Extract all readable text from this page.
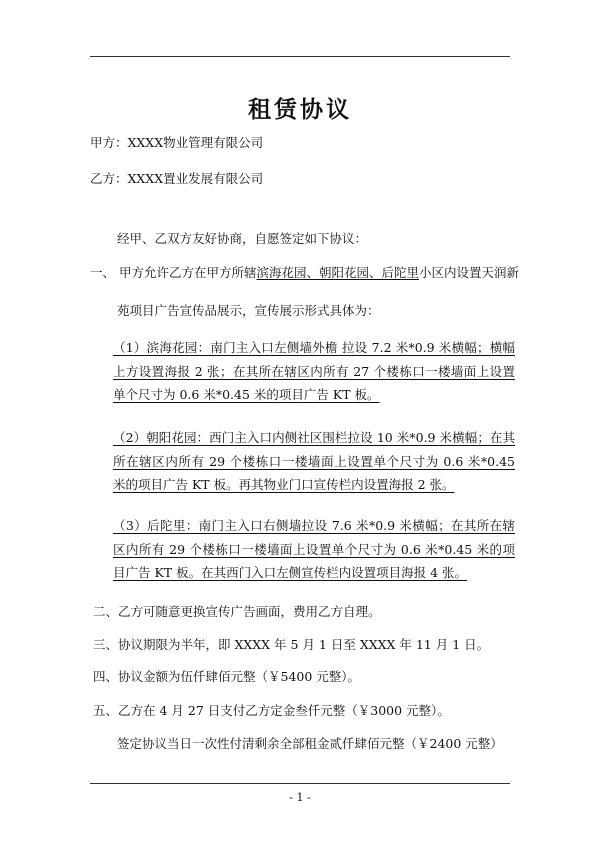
租赁协议
甲方：XXXX物业管理有限公司
乙方：XXXX置业发展有限公司
经甲、乙双方友好协商，自愿签定如下协议：
一、 甲方允许乙方在甲方所辖滨海花园、朝阳花园、后陀里小区内设置天润新
苑项目广告宣传品展示，宣传展示形式具体为：
（1）滨海花园：南门主入口左侧墙外檐 拉设 7.2 米*0.9 米横幅；横幅上方设置海报 2 张；在其所在辖区内所有 27 个楼栋口一楼墙面上设置单个尺寸为 0.6 米*0.45 米的项目广告 KT 板。
（2）朝阳花园：西门主入口内侧社区围栏拉设 10 米*0.9 米横幅；在其所在辖区内所有 29 个楼栋口一楼墙面上设置单个尺寸为 0.6 米*0.45 米的项目广告 KT 板。再其物业门口宣传栏内设置海报 2 张。
（3）后陀里：南门主入口右侧墙拉设 7.6 米*0.9 米横幅；在其所在辖区内所有 29 个楼栋口一楼墙面上设置单个尺寸为 0.6 米*0.45 米的项目广告 KT 板。在其西门入口左侧宣传栏内设置项目海报 4 张。
二、乙方可随意更换宣传广告画面，费用乙方自理。
三、协议期限为半年，即 XXXX 年 5 月 1 日至 XXXX 年 11 月 1 日。
四、协议金额为伍仟肆佰元整（￥5400 元整）。
五、乙方在 4 月 27 日支付乙方定金叁仟元整（￥3000 元整）。
签定协议当日一次性付清剩余全部租金贰仟肆佰元整（￥2400 元整）
- 1 -
